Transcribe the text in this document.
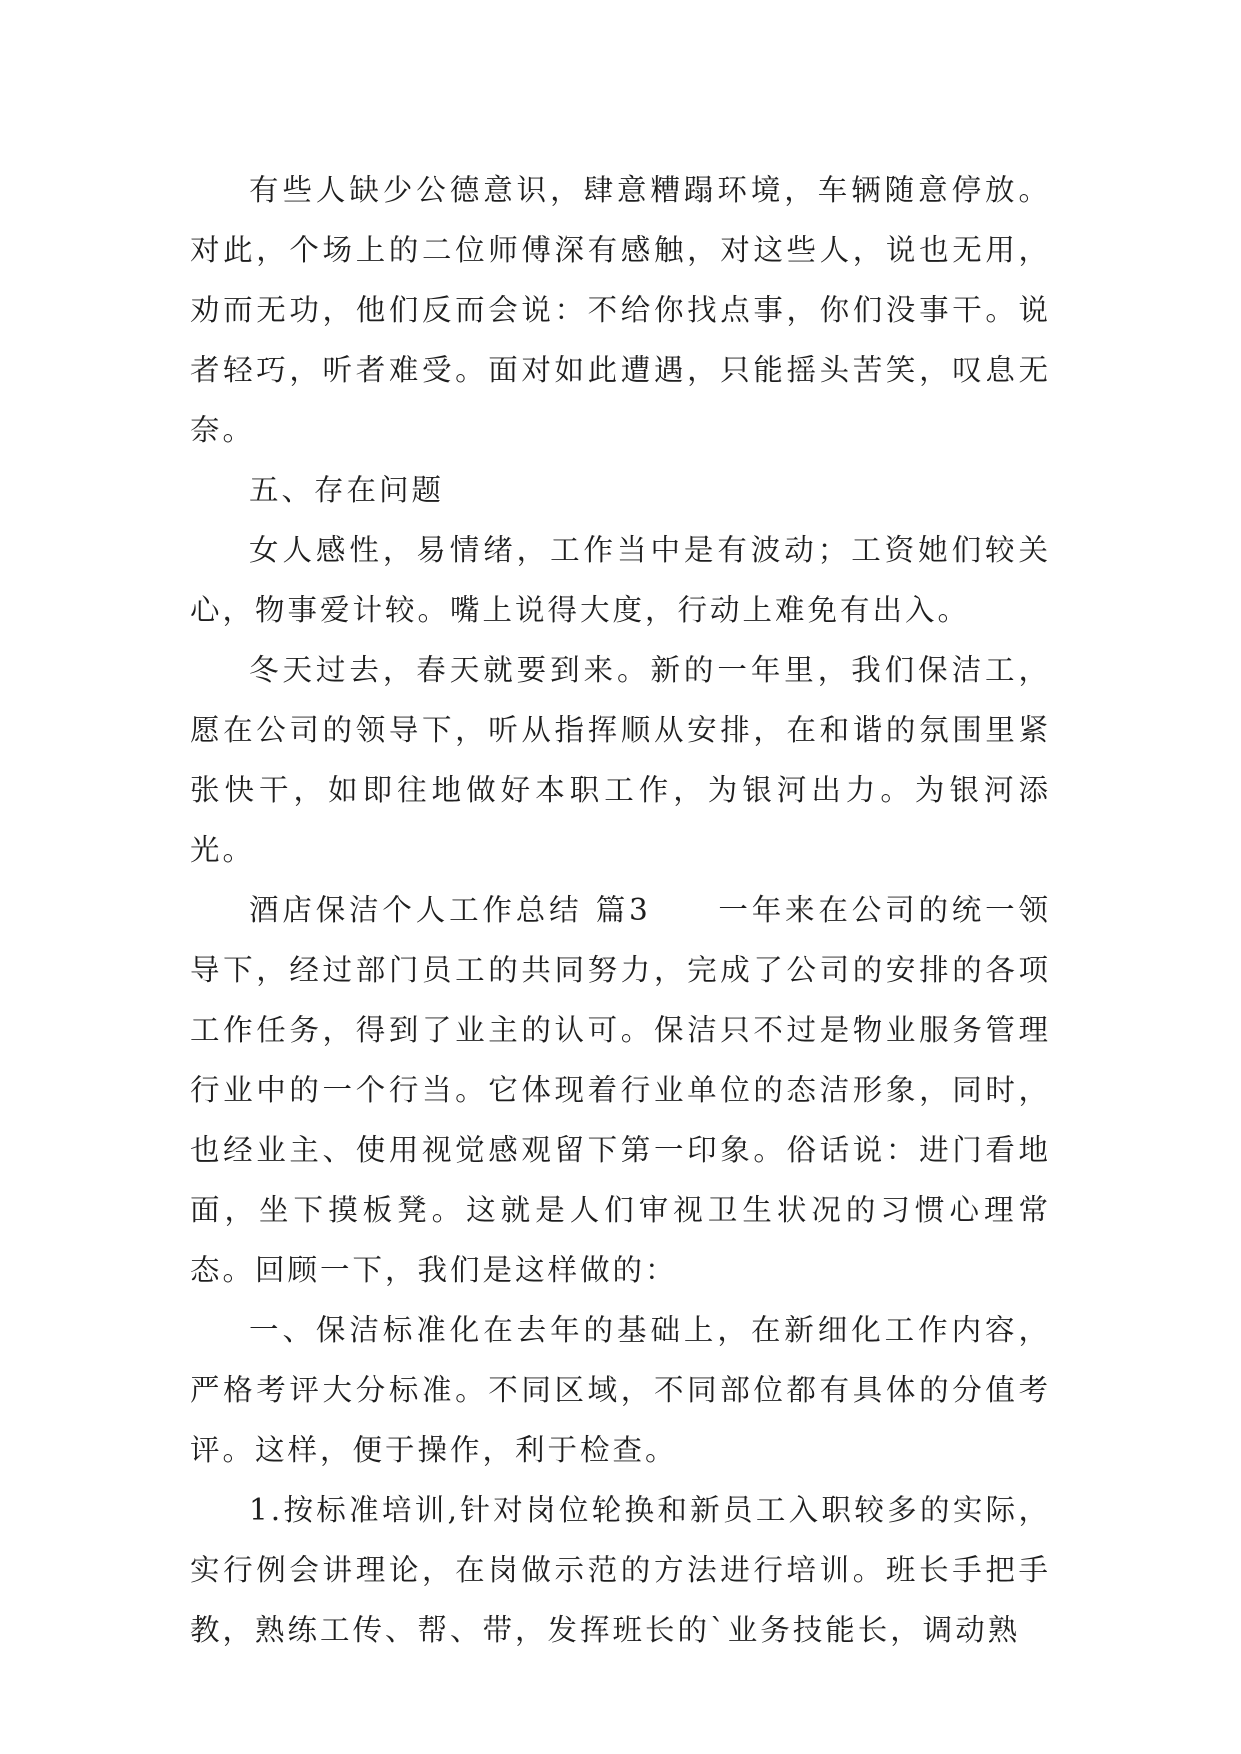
有些人缺少公德意识，肆意糟蹋环境，车辆随意停放。对此，个场上的二位师傅深有感触，对这些人，说也无用，劝而无功，他们反而会说：不给你找点事，你们没事干。说者轻巧，听者难受。面对如此遭遇，只能摇头苦笑，叹息无奈。

五、存在问题

女人感性，易情绪，工作当中是有波动；工资她们较关心，物事爱计较。嘴上说得大度，行动上难免有出入。

冬天过去，春天就要到来。新的一年里，我们保洁工，愿在公司的领导下，听从指挥顺从安排，在和谐的氛围里紧张快干，如即往地做好本职工作，为银河出力。为银河添光。

酒店保洁个人工作总结 篇3　　一年来在公司的统一领导下，经过部门员工的共同努力，完成了公司的安排的各项工作任务，得到了业主的认可。保洁只不过是物业服务管理行业中的一个行当。它体现着行业单位的态洁形象，同时，也经业主、使用视觉感观留下第一印象。俗话说：进门看地面，坐下摸板凳。这就是人们审视卫生状况的习惯心理常态。回顾一下，我们是这样做的：

一、保洁标准化在去年的基础上，在新细化工作内容，严格考评大分标准。不同区域，不同部位都有具体的分值考评。这样，便于操作，利于检查。

1.按标准培训,针对岗位轮换和新员工入职较多的实际，实行例会讲理论，在岗做示范的方法进行培训。班长手把手教，熟练工传、帮、带，发挥班长的`业务技能长，调动熟
